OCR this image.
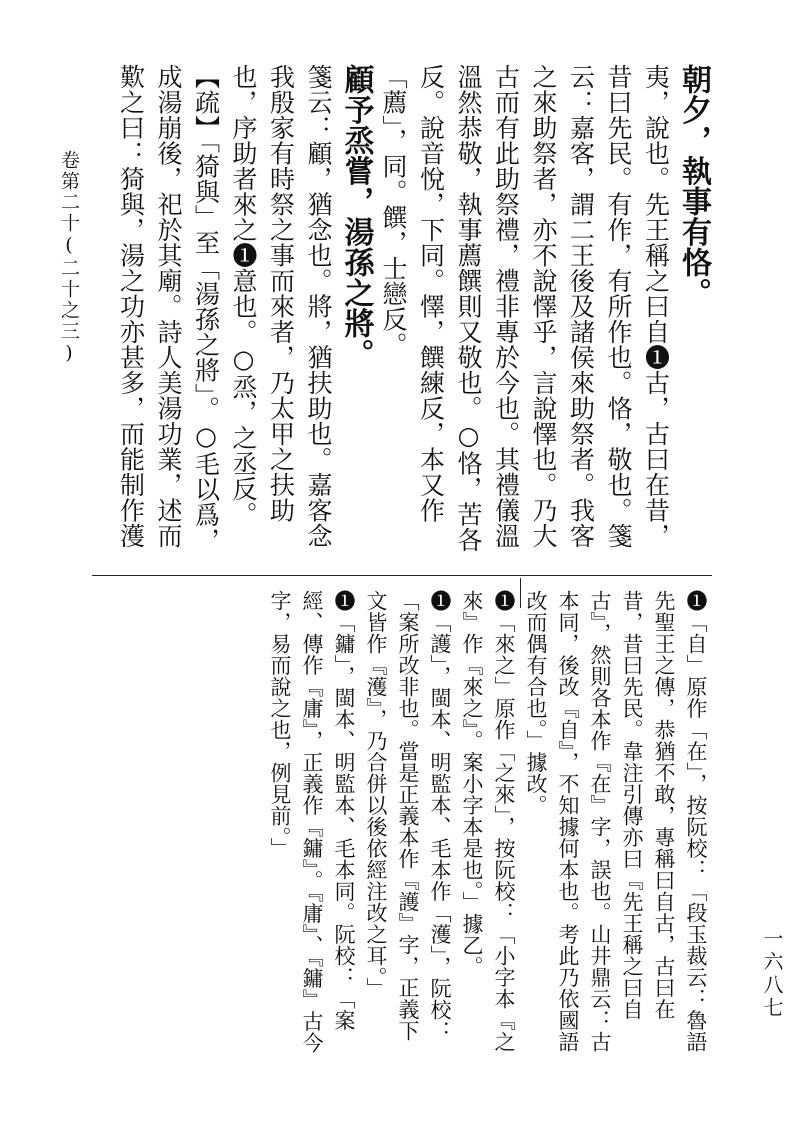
卷第二十(二十之三)	朝夕，執事有恪。
夷，說也。先王稱之曰自❶古，古曰在昔，昔曰先民。有作，有所作也。恪，敬也。箋云：嘉客，謂二王後及諸侯來助祭者。我客之來助祭者，亦不說懌乎，言說懌也。乃大古而有此助祭禮，禮非專於今也。其禮儀溫溫然恭敬，執事薦饌則又敬也。○恪，苦各反。說音悅，下同。懌，饌練反，本又作「薦」，同。饌，士戀反。
顧予烝嘗，湯孫之將。
箋云：顧，猶念也。將，猶扶助也。嘉客念我殷家有時祭之事而來者，乃太甲之扶助也，序助者來之❶意也。○烝，之丞反。【疏】「猗與」至「湯孫之將」。○毛以爲，成湯崩後，祀於其廟。詩人美湯功業，述而歎之曰：猗與，湯之功亦甚多，而能制作濩
❶「自」原作「在」，按阮校：「段玉裁云：魯語先聖王之傳，恭猶不敢，專稱曰自古，古曰在昔，昔曰先民。韋注引傳亦曰『先王稱之曰自古』，然則各本作『在』字，誤也。山井鼎云：古本同，後改『自』，不知據何本也。考此乃依國語改而偶有合也。」據改。
❶「來之」原作「之來」，按阮校：「小字本『之來』作『來之』。案小字本是也。」據乙。
❶「護」，閩本、明監本、毛本作「濩」，阮校：「案所改非也。當是正義本作『護』字，正義下文皆作『濩』，乃合併以後依經注改之耳。」
❶「鏞」，閩本、明監本、毛本同。阮校：「案經、傳作『庸』，正義作『鏞』。『庸』、『鏞』古今字，易而說之也，例見前。」
一六八七
